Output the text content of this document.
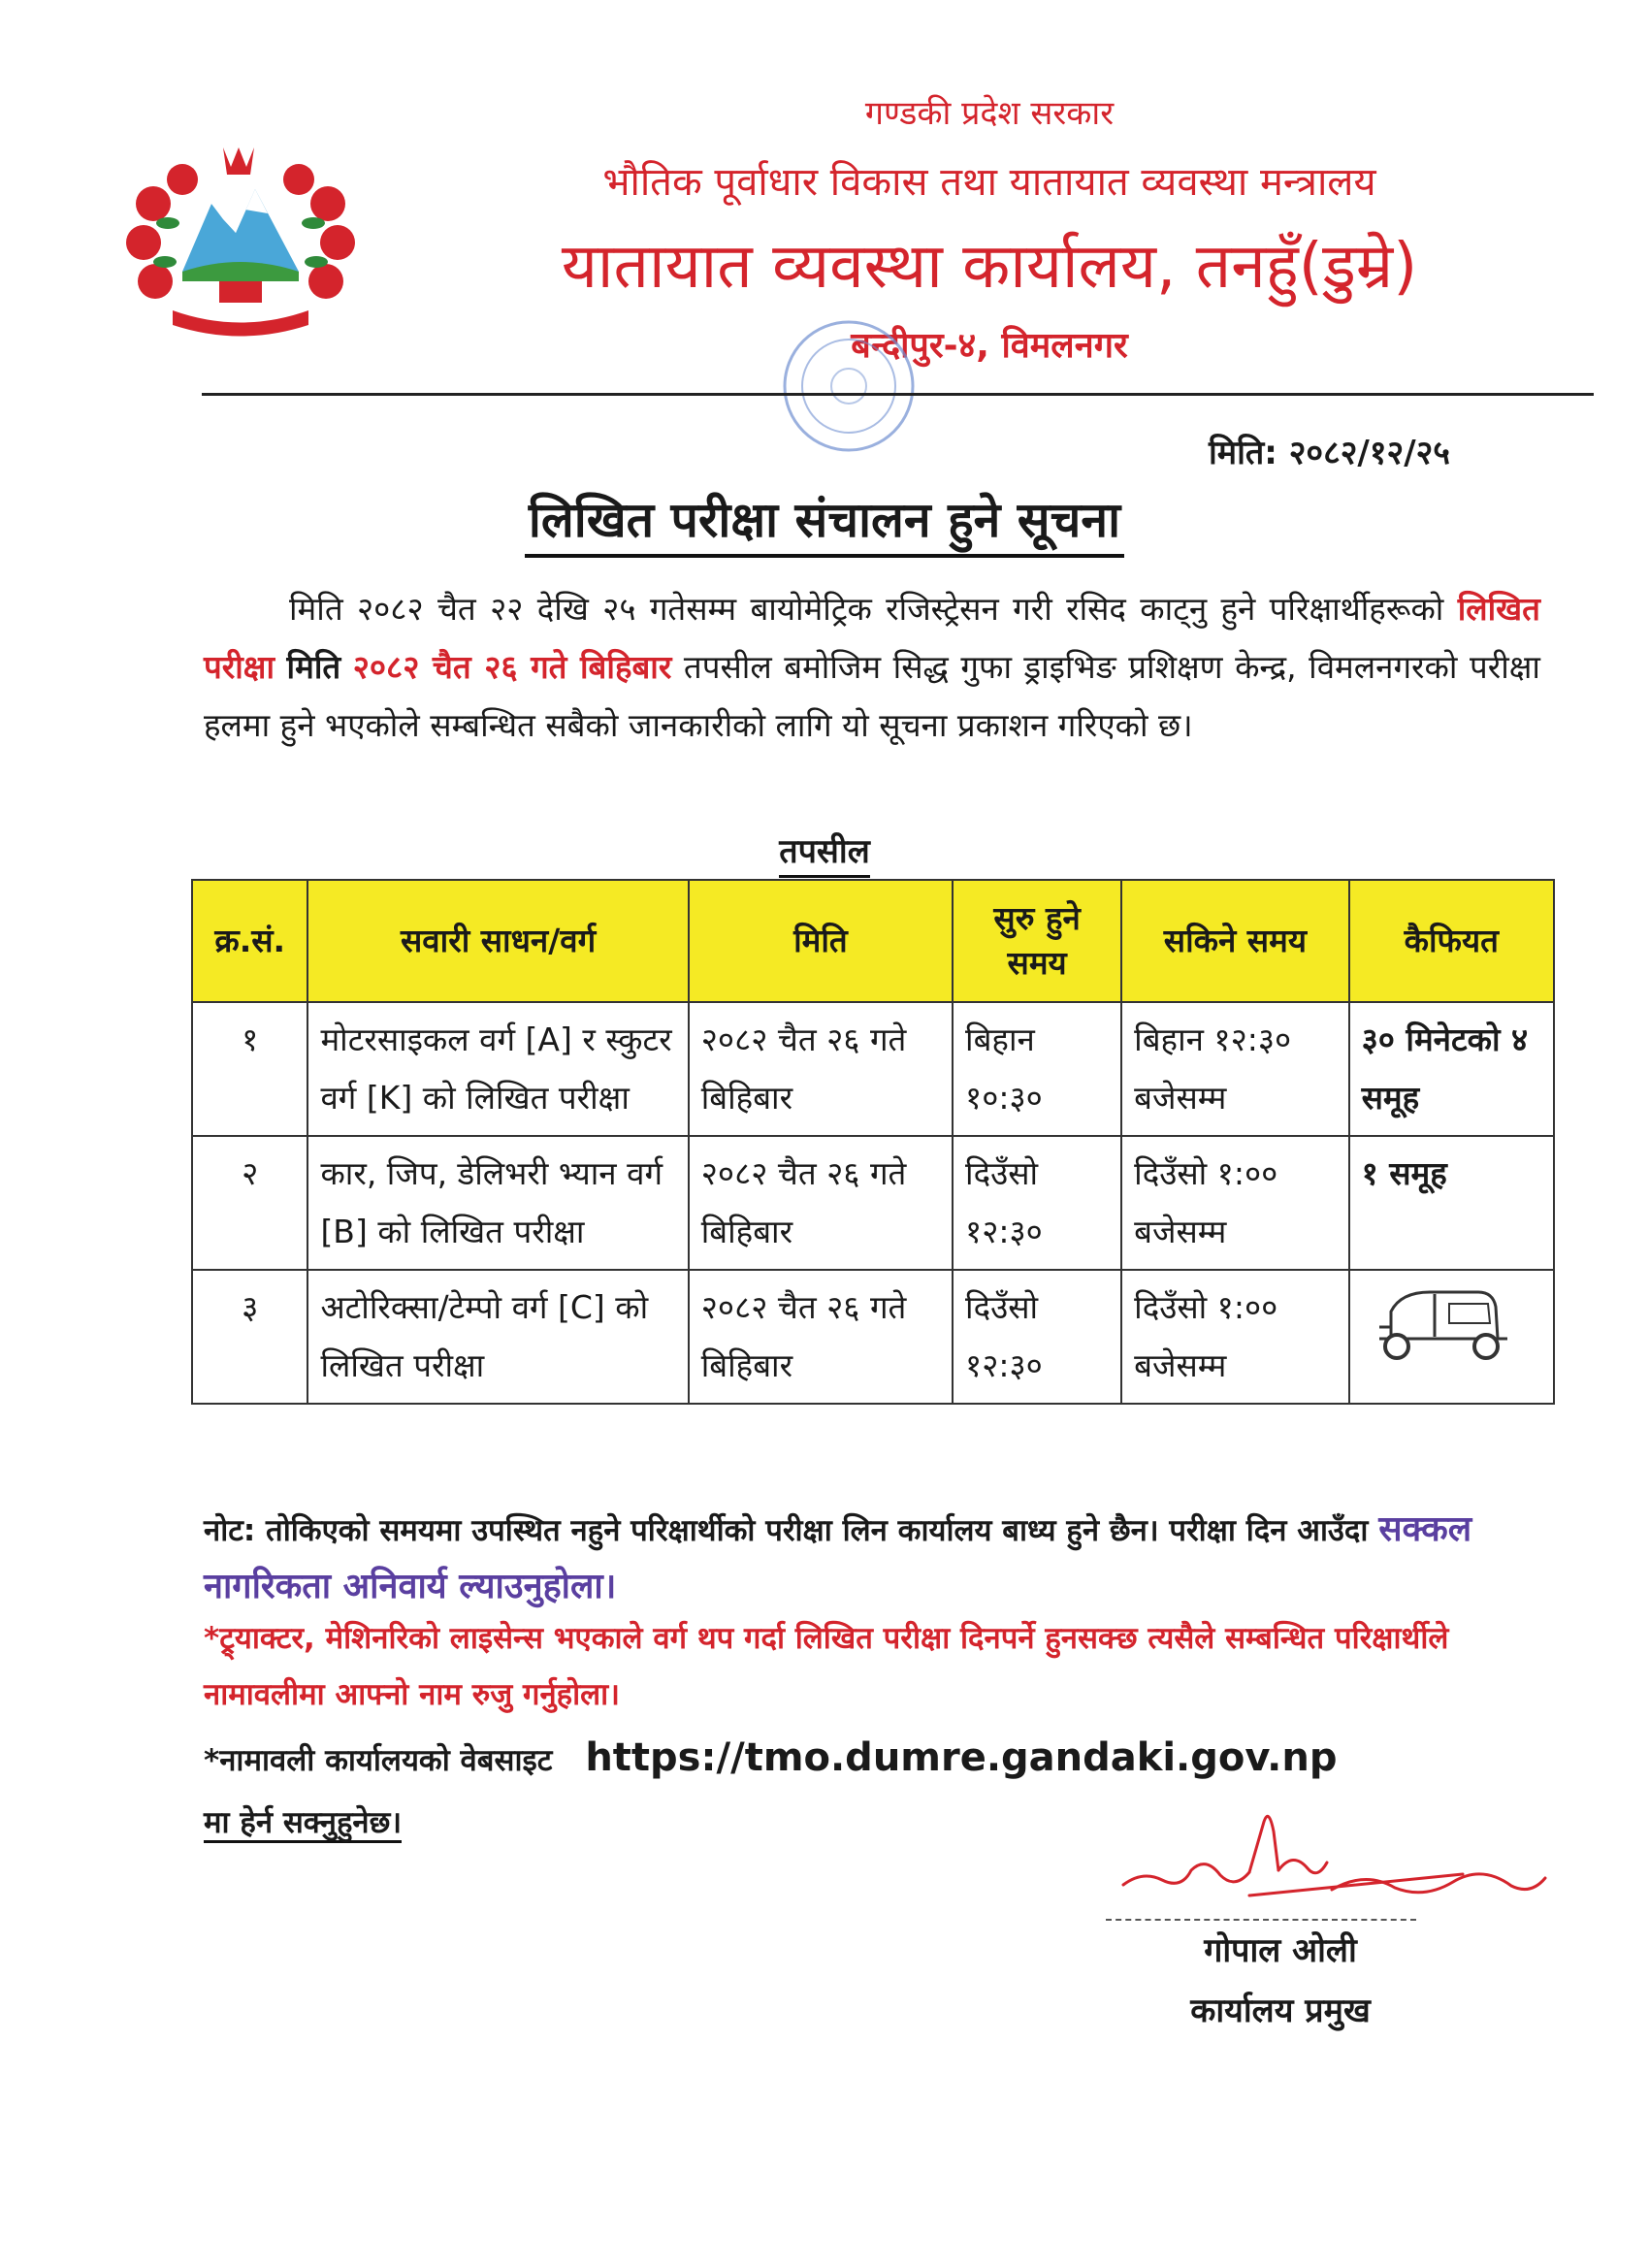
गण्डकी प्रदेश सरकार
भौतिक पूर्वाधार विकास तथा यातायात व्यवस्था मन्त्रालय
यातायात व्यवस्था कार्यालय, तनहुँ(डुम्रे)
बन्दीपुर-४, विमलनगर
मिति: २०८२/१२/२५
लिखित परीक्षा संचालन हुने सूचना
मिति २०८२ चैत २२ देखि २५ गतेसम्म बायोमेट्रिक रजिस्ट्रेसन गरी रसिद काट्नु हुने परिक्षार्थीहरूको लिखित परीक्षा मिति २०८२ चैत २६ गते बिहिबार तपसील बमोजिम सिद्ध गुफा ड्राइभिङ प्रशिक्षण केन्द्र, विमलनगरको परीक्षा हलमा हुने भएकोले सम्बन्धित सबैको जानकारीको लागि यो सूचना प्रकाशन गरिएको छ।
तपसील
क्र.सं.	सवारी साधन/वर्ग	मिति	सुरु हुने समय	सकिने समय	कैफियत
१	मोटरसाइकल वर्ग [A] र स्कुटर वर्ग [K] को लिखित परीक्षा	२०८२ चैत २६ गते बिहिबार	बिहान १०:३०	बिहान १२:३० बजेसम्म	३० मिनेटको ४ समूह
२	कार, जिप, डेलिभरी भ्यान वर्ग [B] को लिखित परीक्षा	२०८२ चैत २६ गते बिहिबार	दिउँसो १२:३०	दिउँसो १:०० बजेसम्म	१ समूह
३	अटोरिक्सा/टेम्पो वर्ग [C] को लिखित परीक्षा	२०८२ चैत २६ गते बिहिबार	दिउँसो १२:३०	दिउँसो १:०० बजेसम्म	
नोट: तोकिएको समयमा उपस्थित नहुने परिक्षार्थीको परीक्षा लिन कार्यालय बाध्य हुने छैन। परीक्षा दिन आउँदा सक्कल नागरिकता अनिवार्य ल्याउनुहोला।
*ट्र्याक्टर, मेशिनरिको लाइसेन्स भएकाले वर्ग थप गर्दा लिखित परीक्षा दिनपर्ने हुनसक्छ त्यसैले सम्बन्धित परिक्षार्थीले नामावलीमा आफ्नो नाम रुजु गर्नुहोला।
*नामावली कार्यालयको वेबसाइट https://tmo.dumre.gandaki.gov.np
मा हेर्न सक्नुहुनेछ।
गोपाल ओली
कार्यालय प्रमुख
